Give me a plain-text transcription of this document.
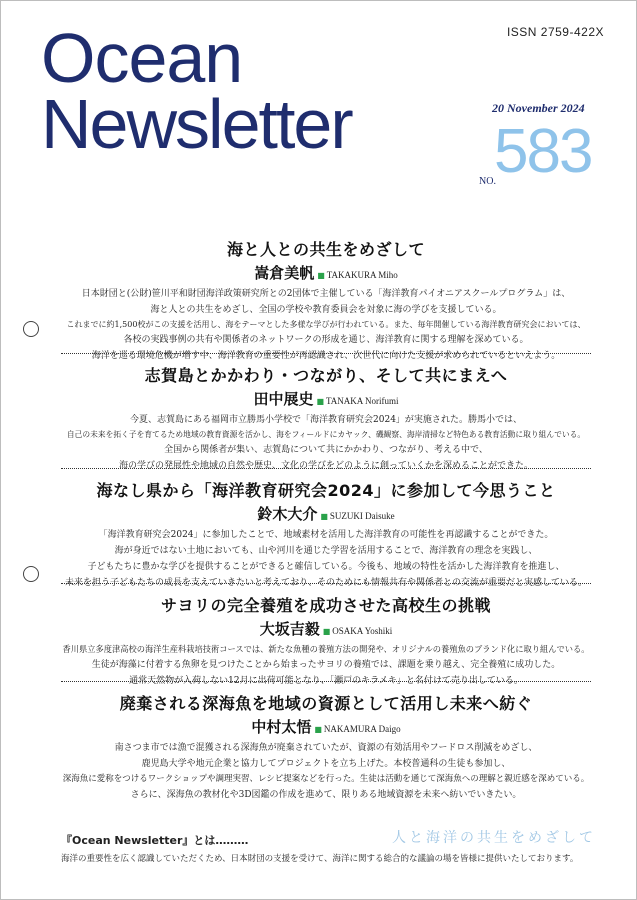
ISSN 2759-422X
Ocean
Newsletter	20 November 2024
NO.
583
海と人との共生をめざして
嵩倉美帆 ■ TAKAKURA Miho
日本財団と(公財)笹川平和財団海洋政策研究所との2団体で主催している「海洋教育パイオニアスクールプログラム」は、
海と人との共生をめざし、全国の学校や教育委員会を対象に海の学びを支援している。
これまでに約1,500校がこの支援を活用し、海をテーマとした多様な学びが行われている。また、毎年開催している海洋教育研究会においては、
各校の実践事例の共有や関係者のネットワークの形成を通じ、海洋教育に関する理解を深めている。
海洋を巡る環境危機が増す中、海洋教育の重要性が再認識され、次世代に向けた支援が求められているといえよう。
志賀島とかかわり・つながり、そして共にまえへ
田中展史 ■ TANAKA Norifumi
今夏、志賀島にある福岡市立勝馬小学校で「海洋教育研究会2024」が実施された。勝馬小では、
自己の未来を拓く子を育てるため地域の教育資源を活かし、海をフィールドにカヤック、磯観察、海岸清掃など特色ある教育活動に取り組んでいる。
全国から関係者が集い、志賀島について共にかかわり、つながり、考える中で、
海の学びの発展性や地域の自然や歴史、文化の学びをどのように創っていくかを深めることができた。
海なし県から「海洋教育研究会2024」に参加して今思うこと
鈴木大介 ■ SUZUKI Daisuke
「海洋教育研究会2024」に参加したことで、地域素材を活用した海洋教育の可能性を再認識することができた。
海が身近ではない土地においても、山や河川を通じた学習を活用することで、海洋教育の理念を実践し、
子どもたちに豊かな学びを提供することができると確信している。今後も、地域の特性を活かした海洋教育を推進し、
未来を担う子どもたちの成長を支えていきたいと考えており、そのためにも情報共有や関係者との交流が重要だと実感している。
サヨリの完全養殖を成功させた高校生の挑戦
大坂吉毅 ■ OSAKA Yoshiki
香川県立多度津高校の海洋生産科栽培技術コースでは、新たな魚種の養殖方法の開発や、オリジナルの養殖魚のブランド化に取り組んでいる。
生徒が海藻に付着する魚卵を見つけたことから始まったサヨリの養殖では、課題を乗り越え、完全養殖に成功した。
通常天然物が入荷しない12月に出荷可能となり、「瀬戸のキラメキ」と名付けて売り出している。
廃棄される深海魚を地域の資源として活用し未来へ紡ぐ
中村太悟 ■ NAKAMURA Daigo
南さつま市では漁で混獲される深海魚が廃棄されていたが、資源の有効活用やフードロス削減をめざし、
鹿児島大学や地元企業と協力してプロジェクトを立ち上げた。本校普通科の生徒も参加し、
深海魚に愛称をつけるワークショップや調理実習、レシピ提案などを行った。生徒は活動を通じて深海魚への理解と親近感を深めている。
さらに、深海魚の教材化や3D図鑑の作成を進めて、限りある地域資源を未来へ紡いでいきたい。
『Ocean Newsletter』とは………	人と海洋の共生をめざして
海洋の重要性を広く認識していただくため、日本財団の支援を受けて、海洋に関する総合的な議論の場を皆様に提供いたしております。
